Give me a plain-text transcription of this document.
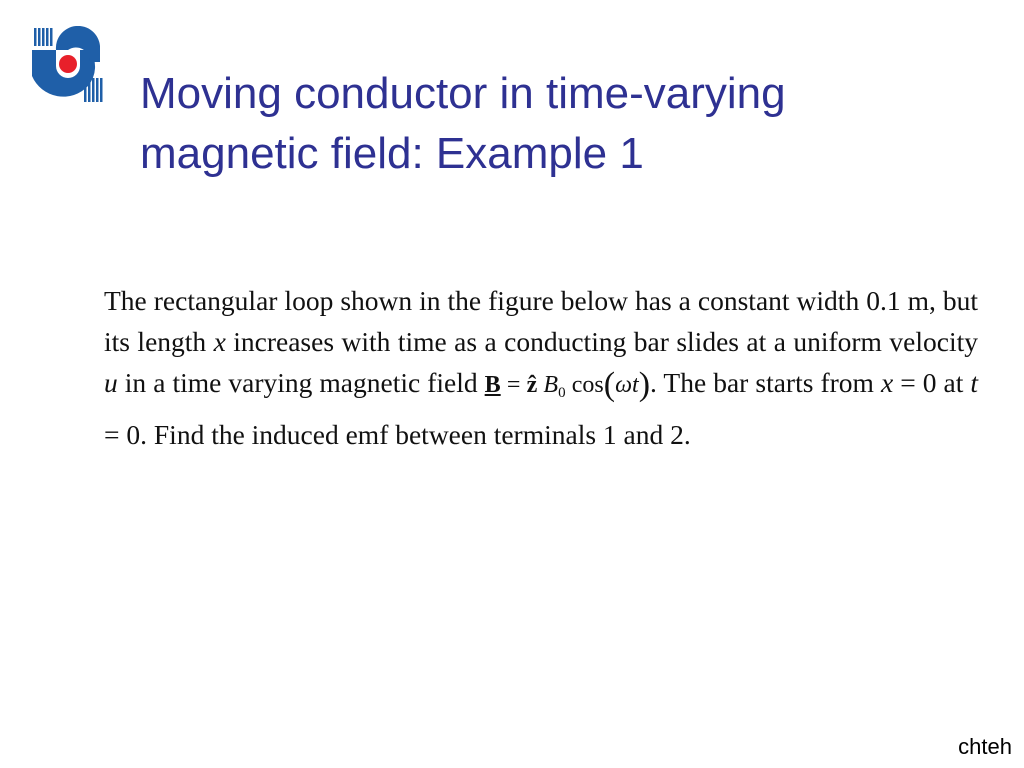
Moving conductor in time-varying
magnetic field: Example 1

The rectangular loop shown in the figure below has a constant width 0.1 m, but its length x increases with time as a conducting bar slides at a uniform velocity u in a time varying magnetic field B = ẑ $B_0$ cos(ωt). The bar starts from x = 0 at t = 0. Find the induced emf between terminals 1 and 2.

chteh
